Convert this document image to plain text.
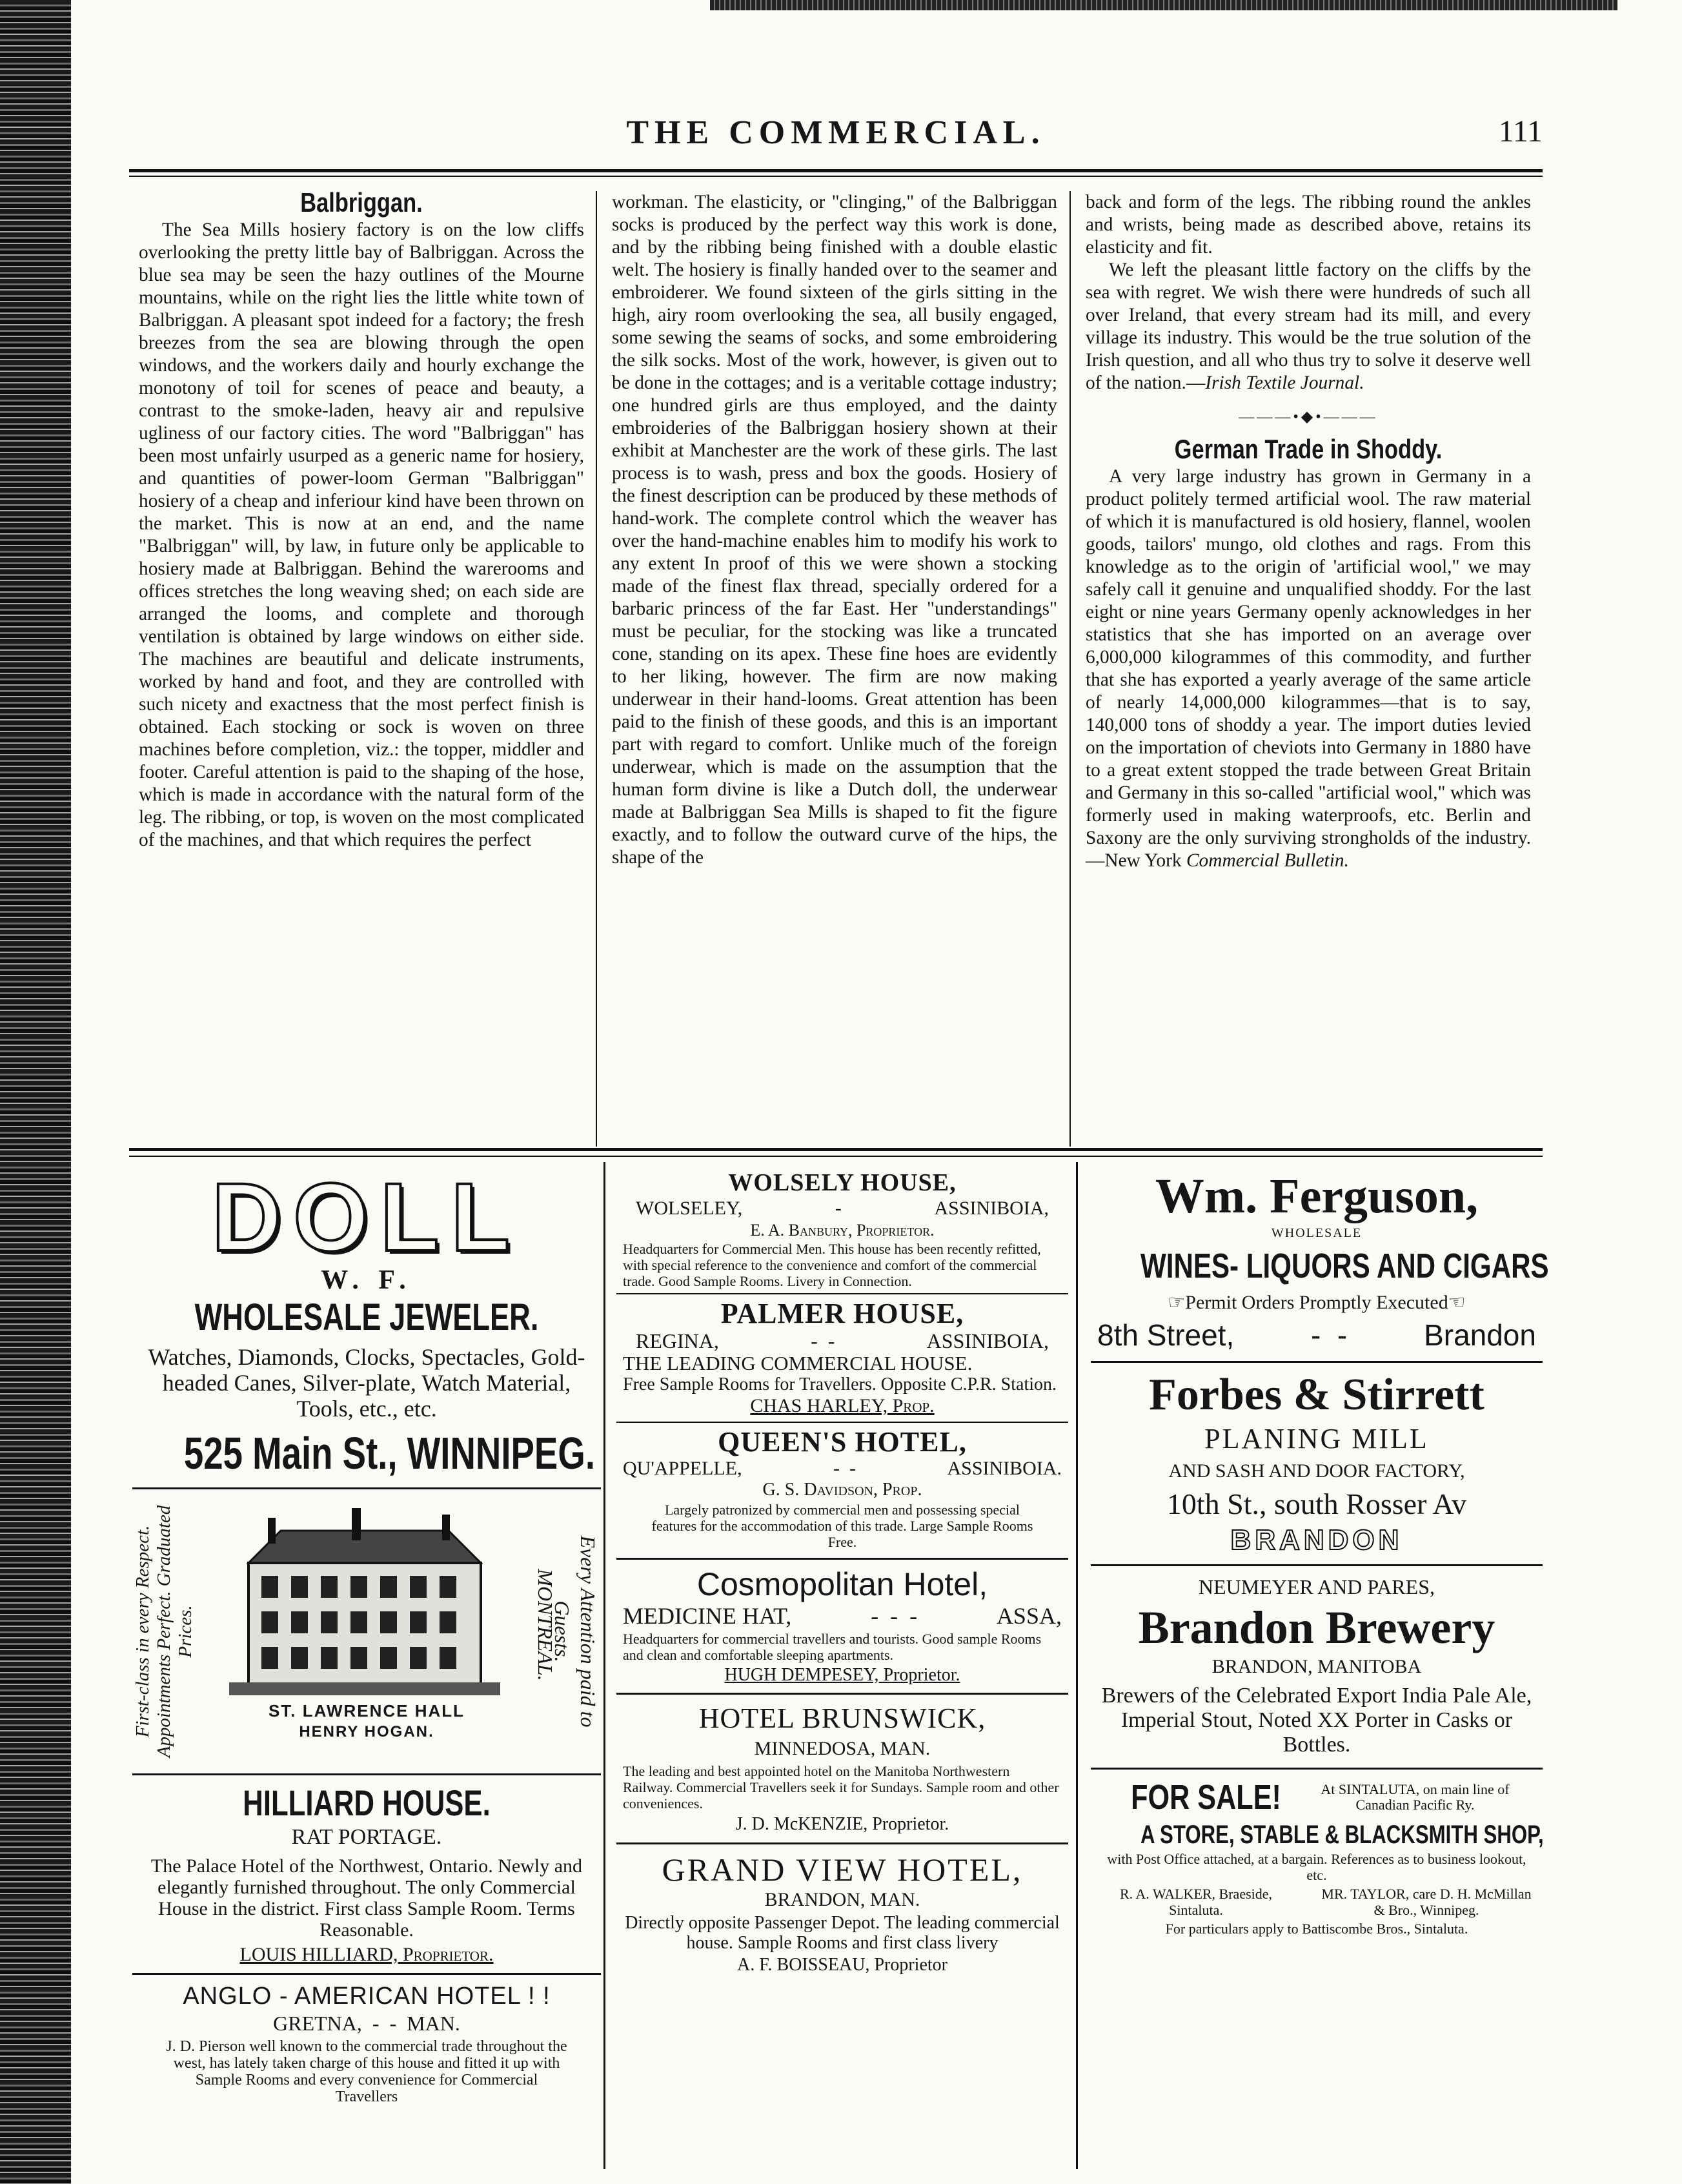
THE COMMERCIAL.	111
Balbriggan.

The Sea Mills hosiery factory is on the low cliffs overlooking the pretty little bay of Balbriggan. Across the blue sea may be seen the hazy outlines of the Mourne mountains, while on the right lies the little white town of Balbriggan. A pleasant spot indeed for a factory; the fresh breezes from the sea are blowing through the open windows, and the workers daily and hourly exchange the monotony of toil for scenes of peace and beauty, a contrast to the smoke-laden, heavy air and repulsive ugliness of our factory cities. The word "Balbriggan" has been most unfairly usurped as a generic name for hosiery, and quantities of power-loom German "Balbriggan" hosiery of a cheap and inferiour kind have been thrown on the market. This is now at an end, and the name "Balbriggan" will, by law, in future only be applicable to hosiery made at Balbriggan. Behind the warerooms and offices stretches the long weaving shed; on each side are arranged the looms, and complete and thorough ventilation is obtained by large windows on either side. The machines are beautiful and delicate instruments, worked by hand and foot, and they are controlled with such nicety and exactness that the most perfect finish is obtained. Each stocking or sock is woven on three machines before completion, viz.: the topper, middler and footer. Careful attention is paid to the shaping of the hose, which is made in accordance with the natural form of the leg. The ribbing, or top, is woven on the most complicated of the machines, and that which requires the perfect

workman. The elasticity, or "clinging," of the Balbriggan socks is produced by the perfect way this work is done, and by the ribbing being finished with a double elastic welt. The hosiery is finally handed over to the seamer and embroiderer. We found sixteen of the girls sitting in the high, airy room overlooking the sea, all busily engaged, some sewing the seams of socks, and some embroidering the silk socks. Most of the work, however, is given out to be done in the cottages; and is a veritable cottage industry; one hundred girls are thus employed, and the dainty embroideries of the Balbriggan hosiery shown at their exhibit at Manchester are the work of these girls. The last process is to wash, press and box the goods. Hosiery of the finest description can be produced by these methods of hand-work. The complete control which the weaver has over the hand-machine enables him to modify his work to any extent In proof of this we were shown a stocking made of the finest flax thread, specially ordered for a barbaric princess of the far East. Her "understandings" must be peculiar, for the stocking was like a truncated cone, standing on its apex. These fine hoes are evidently to her liking, however. The firm are now making underwear in their hand-looms. Great attention has been paid to the finish of these goods, and this is an important part with regard to comfort. Unlike much of the foreign underwear, which is made on the assumption that the human form divine is like a Dutch doll, the underwear made at Balbriggan Sea Mills is shaped to fit the figure exactly, and to follow the outward curve of the hips, the shape of the

back and form of the legs. The ribbing round the ankles and wrists, being made as described above, retains its elasticity and fit.

We left the pleasant little factory on the cliffs by the sea with regret. We wish there were hundreds of such all over Ireland, that every stream had its mill, and every village its industry. This would be the true solution of the Irish question, and all who thus try to solve it deserve well of the nation.—Irish Textile Journal.

———•◆•———
German Trade in Shoddy.

A very large industry has grown in Germany in a product politely termed artificial wool. The raw material of which it is manufactured is old hosiery, flannel, woolen goods, tailors' mungo, old clothes and rags. From this knowledge as to the origin of 'artificial wool," we may safely call it genuine and unqualified shoddy. For the last eight or nine years Germany openly acknowledges in her statistics that she has imported on an average over 6,000,000 kilogrammes of this commodity, and further that she has exported a yearly average of the same article of nearly 14,000,000 kilogrammes—that is to say, 140,000 tons of shoddy a year. The import duties levied on the importation of cheviots into Germany in 1880 have to a great extent stopped the trade between Great Britain and Germany in this so-called "artificial wool," which was formerly used in making waterproofs, etc. Berlin and Saxony are the only surviving strongholds of the industry.—New York Commercial Bulletin.

DOLL
W. F.
WHOLESALE JEWELER.
Watches, Diamonds, Clocks, Spectacles, Gold-headed Canes, Silver-plate, Watch Material, Tools, etc., etc.
525 Main St., WINNIPEG.
First-class in every Respect. Appointments Perfect. Graduated Prices.	Every Attention paid to Guests.
MONTREAL.
ST. LAWRENCE HALL
HENRY HOGAN.
HILLIARD HOUSE.
RAT PORTAGE.
The Palace Hotel of the Northwest, Ontario. Newly and elegantly furnished throughout. The only Commercial House in the district. First class Sample Room. Terms Reasonable.
LOUIS HILLIARD, Proprietor.
ANGLO - AMERICAN HOTEL ! !
GRETNA,  -  -  MAN.
J. D. Pierson well known to the commercial trade throughout the west, has lately taken charge of this house and fitted it up with Sample Rooms and every convenience for Commercial Travellers
WOLSELY HOUSE,
WOLSELEY,	-	ASSINIBOIA,
E. A. Banbury, Proprietor.
Headquarters for Commercial Men. This house has been recently refitted, with special reference to the convenience and comfort of the commercial trade. Good Sample Rooms. Livery in Connection.
PALMER HOUSE,
REGINA,	-  -	ASSINIBOIA,
THE LEADING COMMERCIAL HOUSE.
Free Sample Rooms for Travellers. Opposite C.P.R. Station.
CHAS HARLEY, Prop.
QUEEN'S HOTEL,
QU'APPELLE,	-  -	ASSINIBOIA.
G. S. Davidson, Prop.
Largely patronized by commercial men and possessing special features for the accommodation of this trade. Large Sample Rooms Free.
Cosmopolitan Hotel,
MEDICINE HAT,	-  -  -	ASSA,
Headquarters for commercial travellers and tourists. Good sample Rooms and clean and comfortable sleeping apartments.
HUGH DEMPESEY, Proprietor.
HOTEL BRUNSWICK,
MINNEDOSA, MAN.
The leading and best appointed hotel on the Manitoba Northwestern Railway. Commercial Travellers seek it for Sundays. Sample room and other conveniences.
J. D. McKENZIE, Proprietor.
GRAND VIEW HOTEL,
BRANDON, MAN.
Directly opposite Passenger Depot. The leading commercial house. Sample Rooms and first class livery
A. F. BOISSEAU, Proprietor
Wm. Ferguson,
WHOLESALE
WINES- LIQUORS AND CIGARS
☞Permit Orders Promptly Executed☜
8th Street,	-  -	Brandon
Forbes & Stirrett
PLANING MILL
AND SASH AND DOOR FACTORY,
10th St., south Rosser Av
BRANDON
NEUMEYER AND PARES,
Brandon Brewery
BRANDON, MANITOBA
Brewers of the Celebrated Export India Pale Ale, Imperial Stout, Noted XX Porter in Casks or Bottles.
FOR SALE!	At SINTALUTA, on main line of Canadian Pacific Ry.
A STORE, STABLE & BLACKSMITH SHOP,
with Post Office attached, at a bargain. References as to business lookout, etc.
R. A. WALKER, Braeside, Sintaluta.
MR. TAYLOR, care D. H. McMillan & Bro., Winnipeg.
For particulars apply to Battiscombe Bros., Sintaluta.
